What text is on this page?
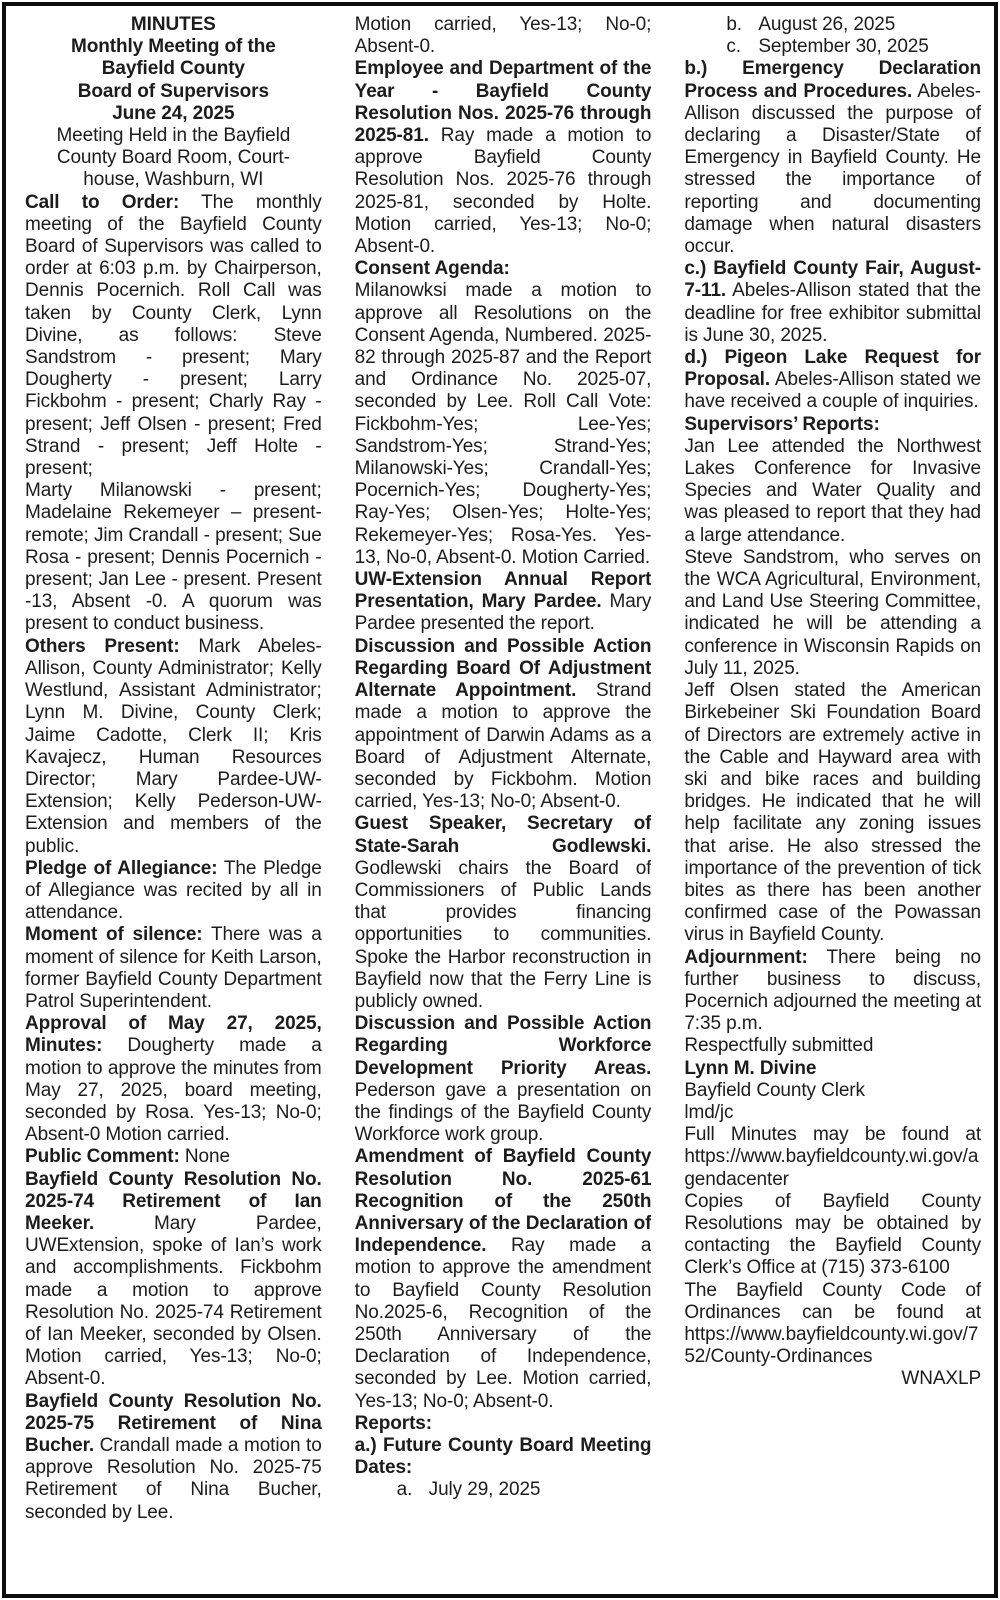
MINUTES
Monthly Meeting of the
Bayfield County
Board of Supervisors
June 24, 2025

Meeting Held in the Bayfield
County Board Room, Court-
house, Washburn, WI

Call to Order: The monthly meeting of the Bayfield County Board of Supervisors was called to order at 6:03 p.m. by Chairperson, Dennis Pocernich. Roll Call was taken by County Clerk, Lynn Divine, as follows: Steve Sandstrom - present; Mary Dougherty - present; Larry Fickbohm - present; Charly Ray - present; Jeff Olsen - present; Fred Strand - present; Jeff Holte - present;

Marty Milanowski - present; Madelaine Rekemeyer – present-remote; Jim Crandall - present; Sue Rosa - present; Dennis Pocernich - present; Jan Lee - present. Present -13, Absent -0. A quorum was present to conduct business.

Others Present: Mark Abeles-Allison, County Administrator; Kelly Westlund, Assistant Administrator; Lynn M. Divine, County Clerk; Jaime Cadotte, Clerk II; Kris Kavajecz, Human Resources Director; Mary Pardee-UW-Extension; Kelly Pederson-UW-Extension and members of the public.

Pledge of Allegiance: The Pledge of Allegiance was recited by all in attendance.

Moment of silence: There was a moment of silence for Keith Larson, former Bayfield County Department Patrol Superintendent.

Approval of May 27, 2025, Minutes: Dougherty made a motion to approve the minutes from May 27, 2025, board meeting, seconded by Rosa. Yes-13; No-0; Absent-0 Motion carried.

Public Comment: None

Bayfield County Resolution No. 2025-74 Retirement of Ian Meeker.	Mary Pardee, UWExtension, spoke of Ian’s work and accomplishments. Fickbohm made a motion to approve Resolution No. 2025-74 Retirement of Ian Meeker, seconded by Olsen. Motion carried, Yes-13; No-0; Absent-0.

Bayfield County Resolution No. 2025-75 Retirement of Nina Bucher. Crandall made a motion to approve Resolution No. 2025-75 Retirement of Nina Bucher, seconded by Lee.

Motion carried, Yes-13; No-0; Absent-0.

Employee and Department of the Year - Bayfield County Resolution Nos. 2025-76 through 2025-81. Ray made a motion to approve Bayfield County Resolution Nos. 2025-76 through 2025-81, seconded by Holte. Motion carried, Yes-13; No-0; Absent-0.

Consent Agenda:

Milanowksi made a motion to approve all Resolutions on the Consent Agenda, Numbered. 2025-82 through 2025-87 and the Report and Ordinance No. 2025-07, seconded by Lee. Roll Call Vote: Fickbohm-Yes; Lee-Yes; Sandstrom-Yes; Strand-Yes; Milanowski-Yes; Crandall-Yes; Pocernich-Yes; Dougherty-Yes; Ray-Yes; Olsen-Yes; Holte-Yes; Rekemeyer-Yes; Rosa-Yes. Yes-13, No-0, Absent-0. Motion Carried.

UW-Extension Annual Report Presentation, Mary Pardee. Mary Pardee presented the report.

Discussion and Possible Action Regarding Board Of Adjustment Alternate Appointment. Strand made a motion to approve the appointment of Darwin Adams as a Board of Adjustment Alternate, seconded by Fickbohm. Motion carried, Yes-13; No-0; Absent-0.

Guest Speaker, Secretary of State-Sarah Godlewski. Godlewski chairs the Board of Commissioners of Public Lands that provides financing opportunities to communities. Spoke the Harbor reconstruction in Bayfield now that the Ferry Line is publicly owned.

Discussion and Possible Action Regarding Workforce Development Priority Areas. Pederson gave a presentation on the findings of the Bayfield County Workforce work group.

Amendment of Bayfield County Resolution No. 2025-61 Recognition of the 250th Anniversary of the Declaration of Independence. Ray made a motion to approve the amendment to Bayfield County Resolution No.2025-6, Recognition of the 250th Anniversary of the Declaration of Independence, seconded by Lee. Motion carried, Yes-13; No-0; Absent-0.

Reports:

a.) Future County Board Meeting Dates:

a. July 29, 2025

b. August 26, 2025

c. September 30, 2025

b.) Emergency Declaration Process and Procedures. Abeles-Allison discussed the purpose of declaring a Disaster/State of Emergency in Bayfield County. He stressed the importance of reporting and documenting damage when natural disasters occur.

c.) Bayfield County Fair, August-7-11. Abeles-Allison stated that the deadline for free exhibitor submittal is June 30, 2025.

d.) Pigeon Lake Request for Proposal. Abeles-Allison stated we have received a couple of inquiries.

Supervisors’ Reports:

Jan Lee attended the Northwest Lakes Conference for Invasive Species and Water Quality and was pleased to report that they had a large attendance.

Steve Sandstrom, who serves on the WCA Agricultural, Environment, and Land Use Steering Committee, indicated he will be attending a conference in Wisconsin Rapids on July 11, 2025.

Jeff Olsen stated the American Birkebeiner Ski Foundation Board of Directors are extremely active in the Cable and Hayward area with ski and bike races and building bridges. He indicated that he will help facilitate any zoning issues that arise. He also stressed the importance of the prevention of tick bites as there has been another confirmed case of the Powassan virus in Bayfield County.

Adjournment: There being no further business to discuss, Pocernich adjourned the meeting at 7:35 p.m.

Respectfully submitted

Lynn M. Divine

Bayfield County Clerk

lmd/jc

Full Minutes may be found at https://www.bayfieldcounty.wi.gov/agendacenter

Copies of Bayfield County Resolutions may be obtained by contacting the Bayfield County Clerk’s Office at (715) 373-6100

The Bayfield County Code of Ordinances can be found at https://www.bayfieldcounty.wi.gov/752/County-Ordinances

WNAXLP
